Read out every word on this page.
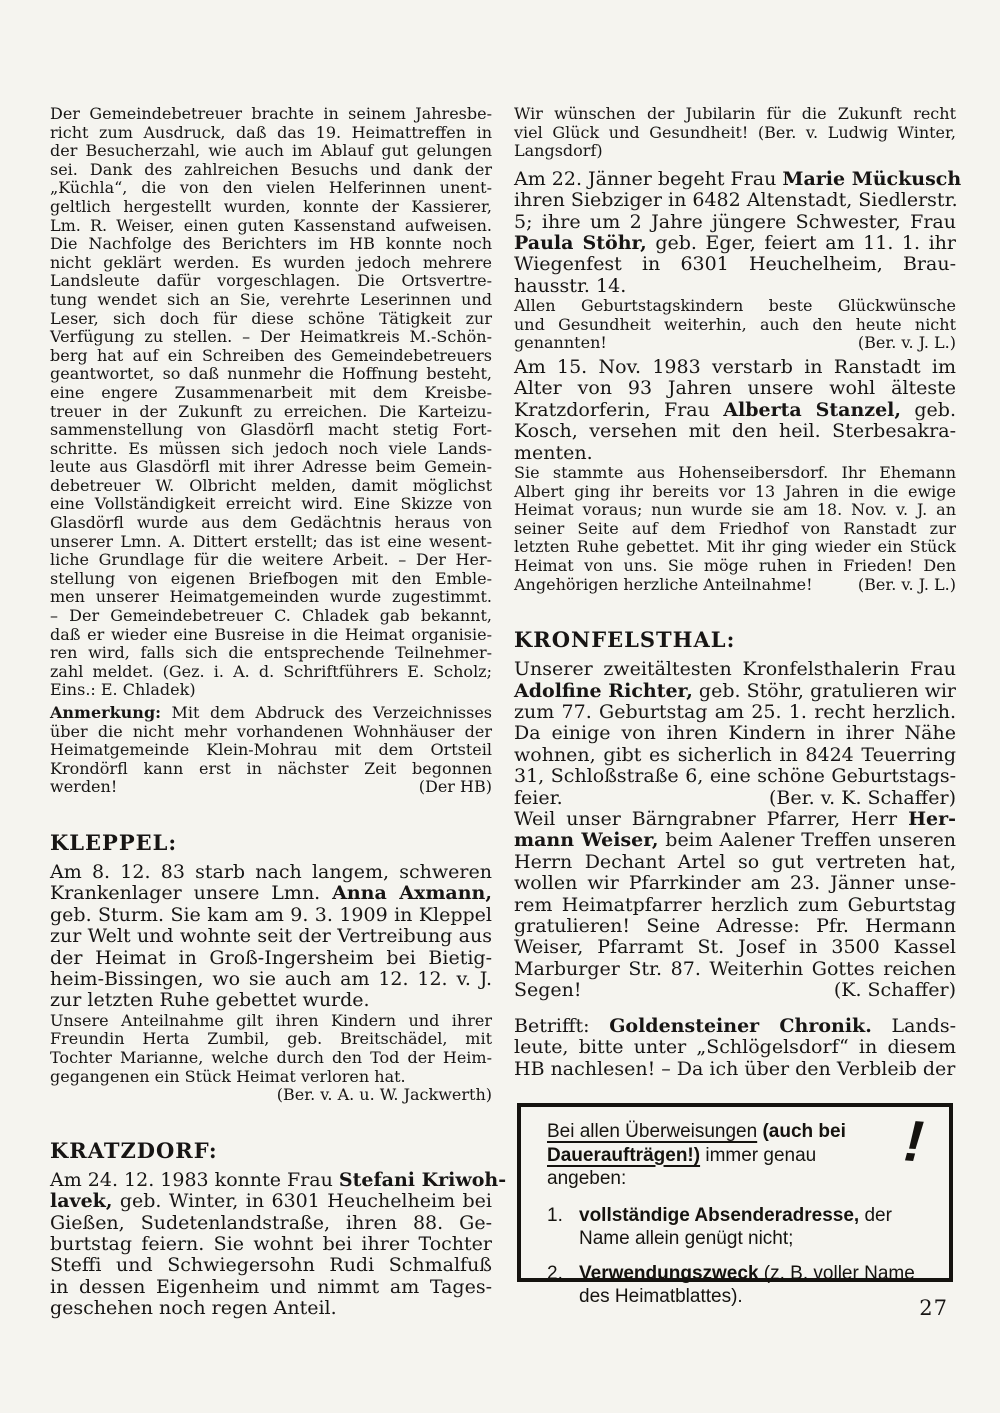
Der Gemeindebetreuer brachte in seinem Jahresbe-
richt zum Ausdruck, daß das 19. Heimattreffen in
der Besucherzahl, wie auch im Ablauf gut gelungen
sei. Dank des zahlreichen Besuchs und dank der
„Küchla“, die von den vielen Helferinnen unent-
geltlich hergestellt wurden, konnte der Kassierer,
Lm. R. Weiser, einen guten Kassenstand aufweisen.
Die Nachfolge des Berichters im HB konnte noch
nicht geklärt werden. Es wurden jedoch mehrere
Landsleute dafür vorgeschlagen. Die Ortsvertre-
tung wendet sich an Sie, verehrte Leserinnen und
Leser, sich doch für diese schöne Tätigkeit zur
Verfügung zu stellen. – Der Heimatkreis M.-Schön-
berg hat auf ein Schreiben des Gemeindebetreuers
geantwortet, so daß nunmehr die Hoffnung besteht,
eine engere Zusammenarbeit mit dem Kreisbe-
treuer in der Zukunft zu erreichen. Die Karteizu-
sammenstellung von Glasdörfl macht stetig Fort-
schritte. Es müssen sich jedoch noch viele Lands-
leute aus Glasdörfl mit ihrer Adresse beim Gemein-
debetreuer W. Olbricht melden, damit möglichst
eine Vollständigkeit erreicht wird. Eine Skizze von
Glasdörfl wurde aus dem Gedächtnis heraus von
unserer Lmn. A. Dittert erstellt; das ist eine wesent-
liche Grundlage für die weitere Arbeit. – Der Her-
stellung von eigenen Briefbogen mit den Emble-
men unserer Heimatgemeinden wurde zugestimmt.
– Der Gemeindebetreuer C. Chladek gab bekannt,
daß er wieder eine Busreise in die Heimat organisie-
ren wird, falls sich die entsprechende Teilnehmer-
zahl meldet. (Gez. i. A. d. Schriftführers E. Scholz;
Eins.: E. Chladek)
Anmerkung: Mit dem Abdruck des Verzeichnisses
über die nicht mehr vorhandenen Wohnhäuser der
Heimatgemeinde Klein-Mohrau mit dem Ortsteil
Krondörfl kann erst in nächster Zeit begonnen
werden!	(Der HB)
KLEPPEL:
Am 8. 12. 83 starb nach langem, schweren
Krankenlager unsere Lmn. Anna Axmann,
geb. Sturm. Sie kam am 9. 3. 1909 in Kleppel
zur Welt und wohnte seit der Vertreibung aus
der Heimat in Groß-Ingersheim bei Bietig-
heim-Bissingen, wo sie auch am 12. 12. v. J.
zur letzten Ruhe gebettet wurde.
Unsere Anteilnahme gilt ihren Kindern und ihrer
Freundin Herta Zumbil, geb. Breitschädel, mit
Tochter Marianne, welche durch den Tod der Heim-
gegangenen ein Stück Heimat verloren hat.
(Ber. v. A. u. W. Jackwerth)
KRATZDORF:
Am 24. 12. 1983 konnte Frau Stefani Kriwoh-
lavek, geb. Winter, in 6301 Heuchelheim bei
Gießen, Sudetenlandstraße, ihren 88. Ge-
burtstag feiern. Sie wohnt bei ihrer Tochter
Steffi und Schwiegersohn Rudi Schmalfuß
in dessen Eigenheim und nimmt am Tages-
geschehen noch regen Anteil.
Wir wünschen der Jubilarin für die Zukunft recht
viel Glück und Gesundheit! (Ber. v. Ludwig Winter,
Langsdorf)
Am 22. Jänner begeht Frau Marie Mückusch
ihren Siebziger in 6482 Altenstadt, Siedlerstr.
5; ihre um 2 Jahre jüngere Schwester, Frau
Paula Stöhr, geb. Eger, feiert am 11. 1. ihr
Wiegenfest in 6301 Heuchelheim, Brau-
hausstr. 14.
Allen Geburtstagskindern beste Glückwünsche
und Gesundheit weiterhin, auch den heute nicht
genannten!	(Ber. v. J. L.)
Am 15. Nov. 1983 verstarb in Ranstadt im
Alter von 93 Jahren unsere wohl älteste
Kratzdorferin, Frau Alberta Stanzel, geb.
Kosch, versehen mit den heil. Sterbesakra-
menten.
Sie stammte aus Hohenseibersdorf. Ihr Ehemann
Albert ging ihr bereits vor 13 Jahren in die ewige
Heimat voraus; nun wurde sie am 18. Nov. v. J. an
seiner Seite auf dem Friedhof von Ranstadt zur
letzten Ruhe gebettet. Mit ihr ging wieder ein Stück
Heimat von uns. Sie möge ruhen in Frieden! Den
Angehörigen herzliche Anteilnahme!	(Ber. v. J. L.)
KRONFELSTHAL:
Unserer zweitältesten Kronfelsthalerin Frau
Adolfine Richter, geb. Stöhr, gratulieren wir
zum 77. Geburtstag am 25. 1. recht herzlich.
Da einige von ihren Kindern in ihrer Nähe
wohnen, gibt es sicherlich in 8424 Teuerring
31, Schloßstraße 6, eine schöne Geburtstags-
feier.	(Ber. v. K. Schaffer)
Weil unser Bärngrabner Pfarrer, Herr Her-
mann Weiser, beim Aalener Treffen unseren
Herrn Dechant Artel so gut vertreten hat,
wollen wir Pfarrkinder am 23. Jänner unse-
rem Heimatpfarrer herzlich zum Geburtstag
gratulieren! Seine Adresse: Pfr. Hermann
Weiser, Pfarramt St. Josef in 3500 Kassel
Marburger Str. 87. Weiterhin Gottes reichen
Segen!	(K. Schaffer)
Betrifft: Goldensteiner Chronik. Lands-
leute, bitte unter „Schlögelsdorf“ in diesem
HB nachlesen! – Da ich über den Verbleib der
Bei allen Überweisungen (auch bei
Daueraufträgen!) immer genau
angeben:
!
1. vollständige Absenderadresse, der
Name allein genügt nicht;
2. Verwendungszweck (z. B. voller Name
des Heimatblattes).	27
